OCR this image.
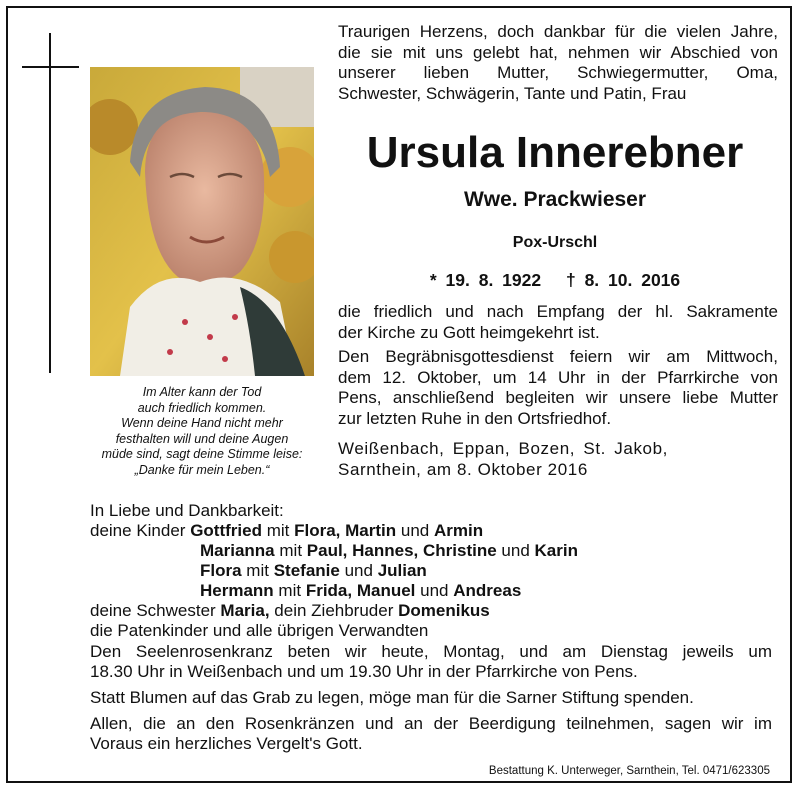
Im Alter kann der Tod
auch friedlich kommen.
Wenn deine Hand nicht mehr
festhalten will und deine Augen
müde sind, sagt deine Stimme leise:
„Danke für mein Leben.“
Traurigen Herzens, doch dankbar für die vielen Jahre,
die sie mit uns gelebt hat, nehmen wir Abschied von
unserer lieben Mutter, Schwiegermutter, Oma,
Schwester, Schwägerin, Tante und Patin, Frau
Ursula Innerebner
Wwe. Prackwieser
Pox-Urschl
* 19. 8. 1922 † 8. 10. 2016
die friedlich und nach Empfang der hl. Sakramente
der Kirche zu Gott heimgekehrt ist.
Den Begräbnisgottesdienst feiern wir am Mittwoch,
dem 12. Oktober, um 14 Uhr in der Pfarrkirche von
Pens, anschließend begleiten wir unsere liebe Mutter
zur letzten Ruhe in den Ortsfriedhof.
Weißenbach, Eppan, Bozen, St. Jakob,
Sarnthein, am 8. Oktober 2016
In Liebe und Dankbarkeit:
deine Kinder Gottfried mit Flora, Martin und Armin
Marianna mit Paul, Hannes, Christine und Karin
Flora mit Stefanie und Julian
Hermann mit Frida, Manuel und Andreas
deine Schwester Maria, dein Ziehbruder Domenikus
die Patenkinder und alle übrigen Verwandten
Den Seelenrosenkranz beten wir heute, Montag, und am Dienstag jeweils um
18.30 Uhr in Weißenbach und um 19.30 Uhr in der Pfarrkirche von Pens.
Statt Blumen auf das Grab zu legen, möge man für die Sarner Stiftung spenden.
Allen, die an den Rosenkränzen und an der Beerdigung teilnehmen, sagen wir im
Voraus ein herzliches Vergelt's Gott.
Bestattung K. Unterweger, Sarnthein, Tel. 0471/623305
